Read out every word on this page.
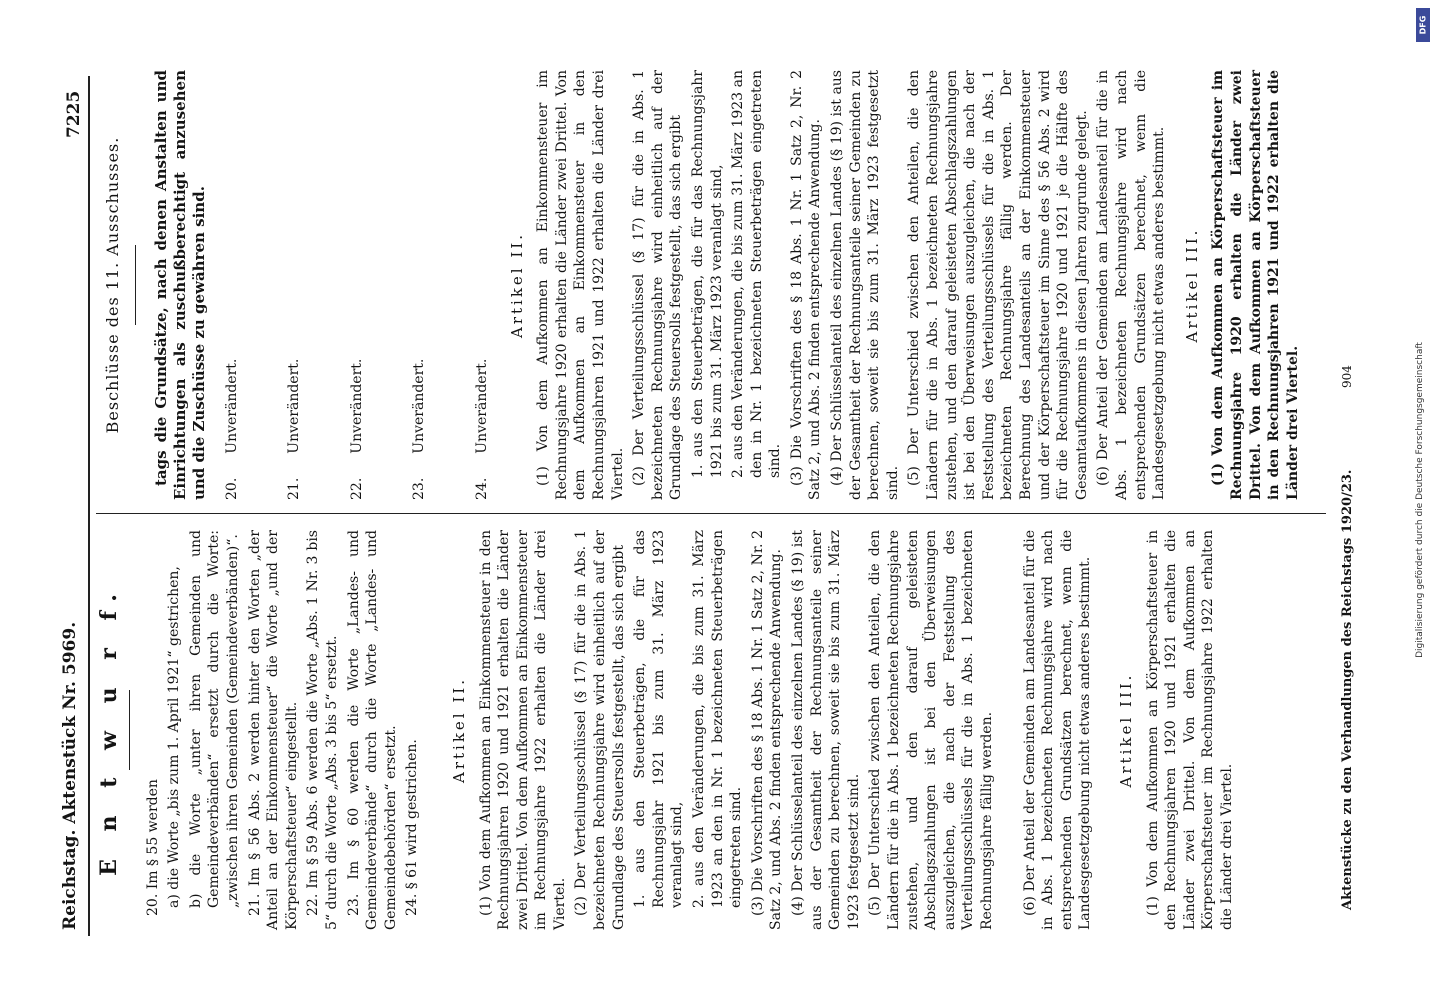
Reichstag. Aktenstück Nr. 5969.
7225
E n t w u r f. 20. Im § 55 werden a) die Worte „bis zum 1. April 1921“ gestrichen, b) die Worte „unter ihren Gemeinden und Gemeindeverbänden“ ersetzt durch die Worte: „zwischen ihren Gemeinden (Gemeindeverbänden)“. 21. Im § 56 Abs. 2 werden hinter den Worten „der Anteil an der Einkommensteuer“ die Worte „und der Körperschaftsteuer“ eingestellt. 22. Im § 59 Abs. 6 werden die Worte „Abs. 1 Nr. 3 bis 5“ durch die Worte „Abs. 3 bis 5“ ersetzt. 23. Im § 60 werden die Worte „Landes- und Gemeindeverbände“ durch die Worte „Landes- und Gemeindebehörden“ ersetzt. 24. § 61 wird gestrichen.

Artikel II. (1) Von dem Aufkommen an Einkommensteuer in den Rechnungsjahren 1920 und 1921 erhalten die Länder zwei Drittel. Von dem Aufkommen an Einkommensteuer im Rechnungsjahre 1922 erhalten die Länder drei Viertel. (2) Der Verteilungsschlüssel (§ 17) für die in Abs. 1 bezeichneten Rechnungsjahre wird einheitlich auf der Grundlage des Steuersolls festgestellt, das sich ergibt 1. aus den Steuerbeträgen, die für das Rechnungsjahr 1921 bis zum 31. März 1923 veranlagt sind, 2. aus den Veränderungen, die bis zum 31. März 1923 an den in Nr. 1 bezeichneten Steuerbeträgen eingetreten sind. (3) Die Vorschriften des § 18 Abs. 1 Nr. 1 Satz 2, Nr. 2 Satz 2, und Abs. 2 finden entsprechende Anwendung. (4) Der Schlüsselanteil des einzelnen Landes (§ 19) ist aus der Gesamtheit der Rechnungsanteile seiner Gemeinden zu berechnen, soweit sie bis zum 31. März 1923 festgesetzt sind. (5) Der Unterschied zwischen den Anteilen, die den Ländern für die in Abs. 1 bezeichneten Rechnungsjahre zustehen, und den darauf geleisteten Abschlagszahlungen ist bei den Überweisungen auszugleichen, die nach der Feststellung des Verteilungsschlüssels für die in Abs. 1 bezeichneten Rechnungsjahre fällig werden. (6) Der Anteil der Gemeinden am Landesanteil für die in Abs. 1 bezeichneten Rechnungsjahre wird nach entsprechenden Grundsätzen berechnet, wenn die Landesgesetzgebung nicht etwas anderes bestimmt. Artikel III. (1) Von dem Aufkommen an Körperschaftsteuer in den Rechnungsjahren 1920 und 1921 erhalten die Länder zwei Drittel. Von dem Aufkommen an Körperschaftsteuer im Rechnungsjahre 1922 erhalten die Länder drei Viertel.

Beschlüsse des 11. Ausschusses. tags die Grundsätze, nach denen Anstalten und Einrichtungen als zuschußberechtigt anzusehen und die Zuschüsse zu gewähren sind. 20.
Unverändert.
21.
Unverändert.
22.
Unverändert.
23.
Unverändert.
24.
Unverändert.
Artikel II. (1) Von dem Aufkommen an Einkommensteuer im Rechnungsjahre 1920 erhalten die Länder zwei Drittel. Von dem Aufkommen an Einkommensteuer in den Rechnungsjahren 1921 und 1922 erhalten die Länder drei Viertel. (2) Der Verteilungsschlüssel (§ 17) für die in Abs. 1 bezeichneten Rechnungsjahre wird einheitlich auf der Grundlage des Steuersolls festgestellt, das sich ergibt 1. aus den Steuerbeträgen, die für das Rechnungsjahr 1921 bis zum 31. März 1923 veranlagt sind, 2. aus den Veränderungen, die bis zum 31. März 1923 an den in Nr. 1 bezeichneten Steuerbeträgen eingetreten sind. (3) Die Vorschriften des § 18 Abs. 1 Nr. 1 Satz 2, Nr. 2 Satz 2, und Abs. 2 finden entsprechende Anwendung. (4) Der Schlüsselanteil des einzelnen Landes (§ 19) ist aus der Gesamtheit der Rechnungsanteile seiner Gemeinden zu berechnen, soweit sie bis zum 31. März 1923 festgesetzt sind. (5) Der Unterschied zwischen den Anteilen, die den Ländern für die in Abs. 1 bezeichneten Rechnungsjahre zustehen, und den darauf geleisteten Abschlagszahlungen ist bei den Überweisungen auszugleichen, die nach der Feststellung des Verteilungsschlüssels für die in Abs. 1 bezeichneten Rechnungsjahre fällig werden. Der Berechnung des Landesanteils an der Einkommensteuer und der Körperschaftsteuer im Sinne des § 56 Abs. 2 wird für die Rechnungsjahre 1920 und 1921 je die Hälfte des Gesamtaufkommens in diesen Jahren zugrunde gelegt. (6) Der Anteil der Gemeinden am Landesanteil für die in Abs. 1 bezeichneten Rechnungsjahre wird nach entsprechenden Grundsätzen berechnet, wenn die Landesgesetzgebung nicht etwas anderes bestimmt. Artikel III. (1) Von dem Aufkommen an Körperschaftsteuer im Rechnungsjahre 1920 erhalten die Länder zwei Drittel. Von dem Aufkommen an Körperschaftsteuer in den Rechnungsjahren 1921 und 1922 erhalten die Länder drei Viertel.

Aktenstücke zu den Verhandlungen des Reichstags 1920/23.
904	Digitalisierung gefördert durch die Deutsche Forschungsgemeinschaft
DFG
